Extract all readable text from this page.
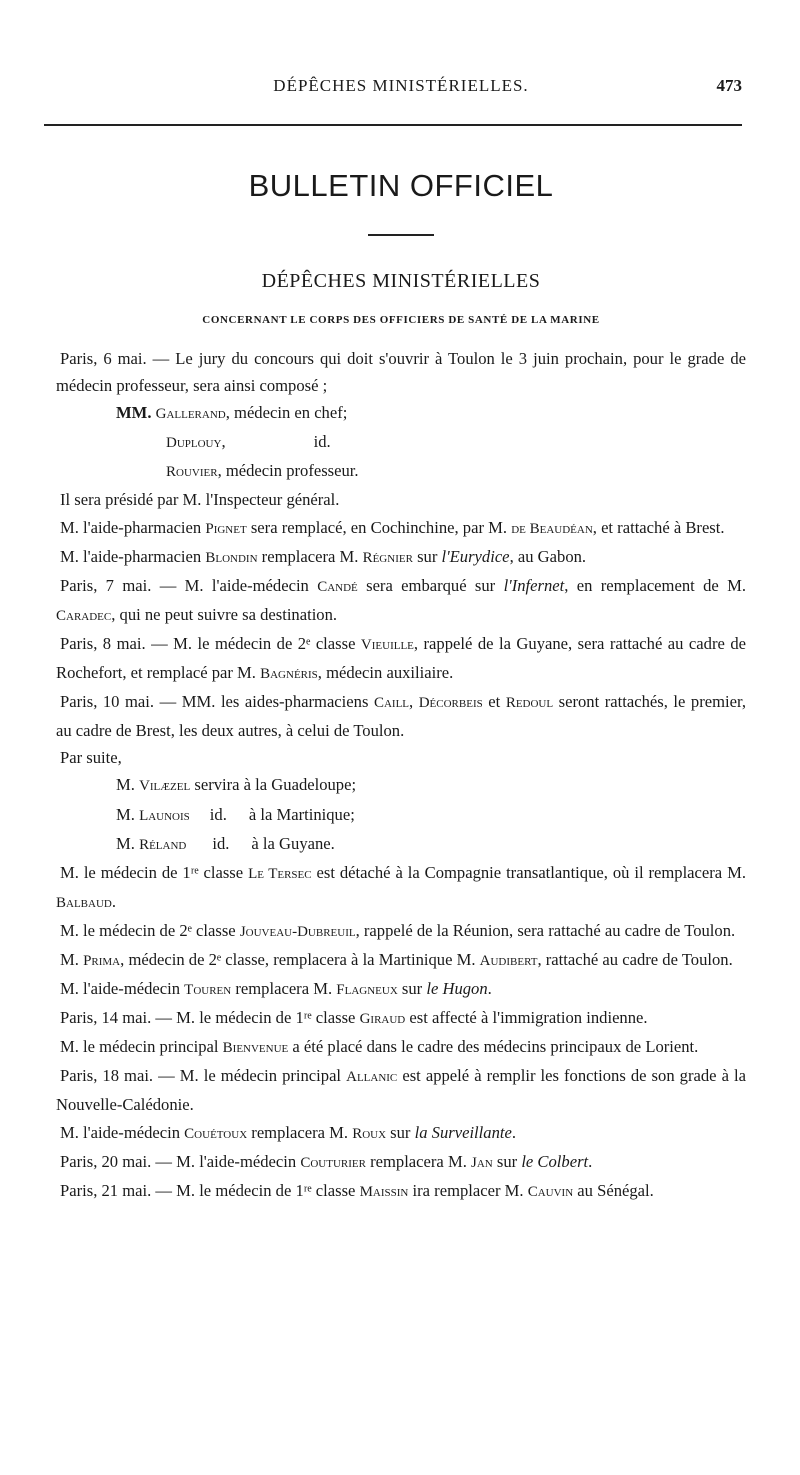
DÉPÊCHES MINISTÉRIELLES.	473
BULLETIN OFFICIEL
DÉPÊCHES MINISTÉRIELLES
CONCERNANT LE CORPS DES OFFICIERS DE SANTÉ DE LA MARINE

Paris, 6 mai. — Le jury du concours qui doit s'ouvrir à Toulon le 3 juin prochain, pour le grade de médecin professeur, sera ainsi composé ;

MM. Gallerand, médecin en chef;

Duplouy,	id.

Rouvier, médecin professeur.

Il sera présidé par M. l'Inspecteur général.

M. l'aide-pharmacien Pignet sera remplacé, en Cochinchine, par M. de Beaudéan, et rattaché à Brest.

M. l'aide-pharmacien Blondin remplacera M. Régnier sur l'Eurydice, au Gabon.

Paris, 7 mai. — M. l'aide-médecin Candé sera embarqué sur l'Infernet, en remplacement de M. Caradec, qui ne peut suivre sa destination.

Paris, 8 mai. — M. le médecin de 2ᵉ classe Vieuille, rappelé de la Guyane, sera rattaché au cadre de Rochefort, et remplacé par M. Bagnéris, médecin auxiliaire.

Paris, 10 mai. — MM. les aides-pharmaciens Caill, Décorbeis et Redoul seront rattachés, le premier, au cadre de Brest, les deux autres, à celui de Toulon.

Par suite,

M. Vilæzel servira à la Guadeloupe;

M. Launois id. à la Martinique;

M. Réland id. à la Guyane.

M. le médecin de 1ʳᵉ classe Le Tersec est détaché à la Compagnie transatlantique, où il remplacera M. Balbaud.

M. le médecin de 2ᵉ classe Jouveau-Dubreuil, rappelé de la Réunion, sera rattaché au cadre de Toulon.

M. Prima, médecin de 2ᵉ classe, remplacera à la Martinique M. Audibert, rattaché au cadre de Toulon.

M. l'aide-médecin Touren remplacera M. Flagneux sur le Hugon.

Paris, 14 mai. — M. le médecin de 1ʳᵉ classe Giraud est affecté à l'immigration indienne.

M. le médecin principal Bienvenue a été placé dans le cadre des médecins principaux de Lorient.

Paris, 18 mai. — M. le médecin principal Allanic est appelé à remplir les fonctions de son grade à la Nouvelle-Calédonie.

M. l'aide-médecin Couétoux remplacera M. Roux sur la Surveillante.

Paris, 20 mai. — M. l'aide-médecin Couturier remplacera M. Jan sur le Colbert.

Paris, 21 mai. — M. le médecin de 1ʳᵉ classe Maissin ira remplacer M. Cauvin au Sénégal.
